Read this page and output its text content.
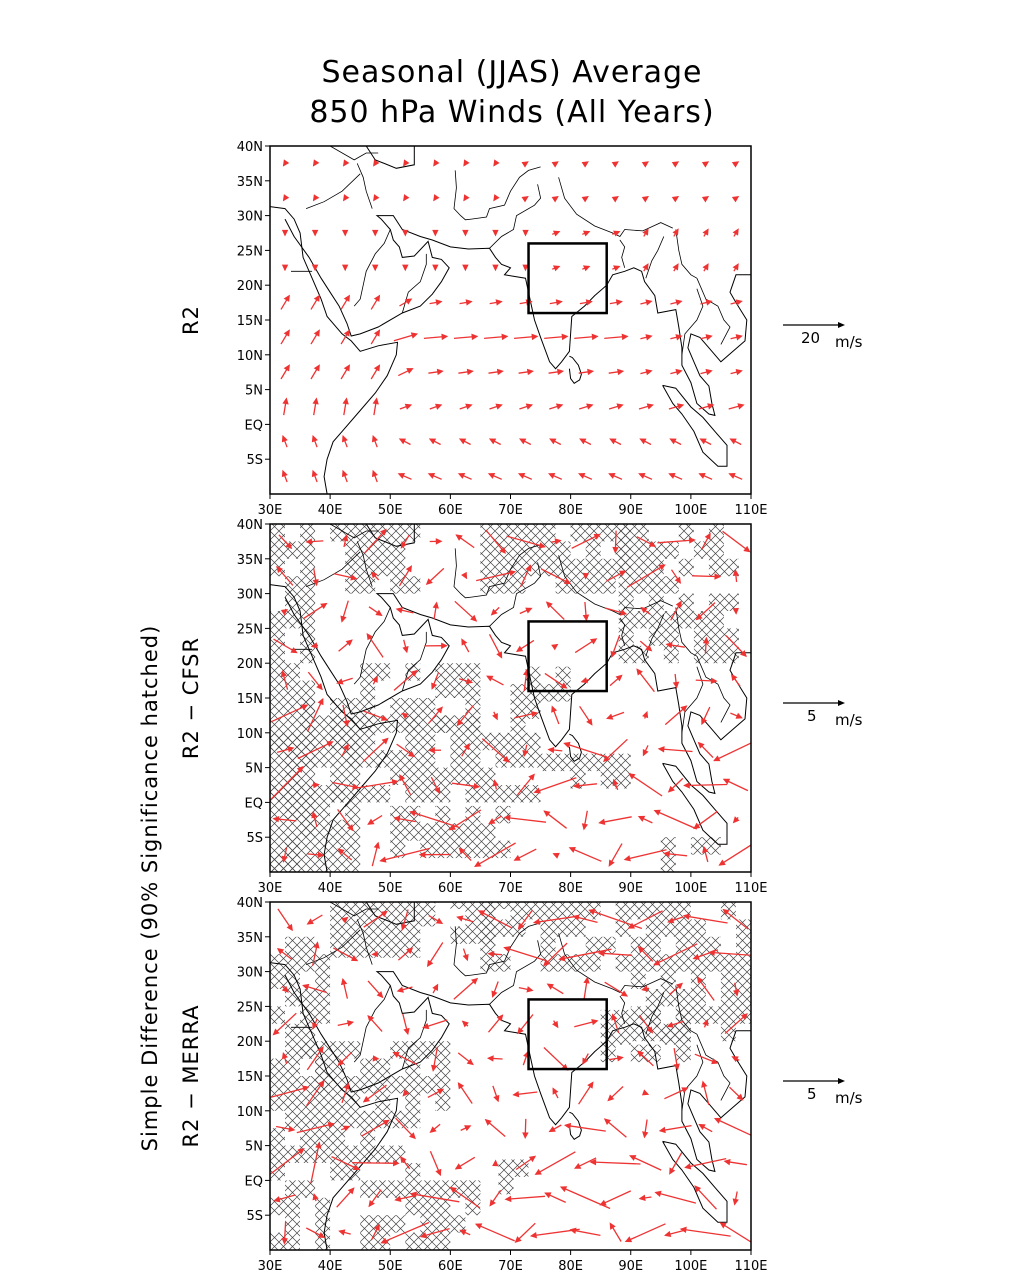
Seasonal (JJAS) Average
850 hPa Winds (All Years)
Simple Difference (90% Significance hatched)
40N
35N
30N
25N
20N
15N
10N
5N
EQ
5S
30E	40E	50E	60E	70E	80E	90E 100E 110E
R2
20 m/s
40N
35N
30N
25N
20N
15N
10N
5N
EQ
5S
30E	40E	50E	60E	70E	80E	90E 100E 110E
R2 − CFSR	5 m/s
40N
35N
30N
25N
20N
15N
10N
5N
EQ
5S
30E	40E	50E	60E	70E	80E	90E 100E 110E
R2 − MERRA	5 m/s
